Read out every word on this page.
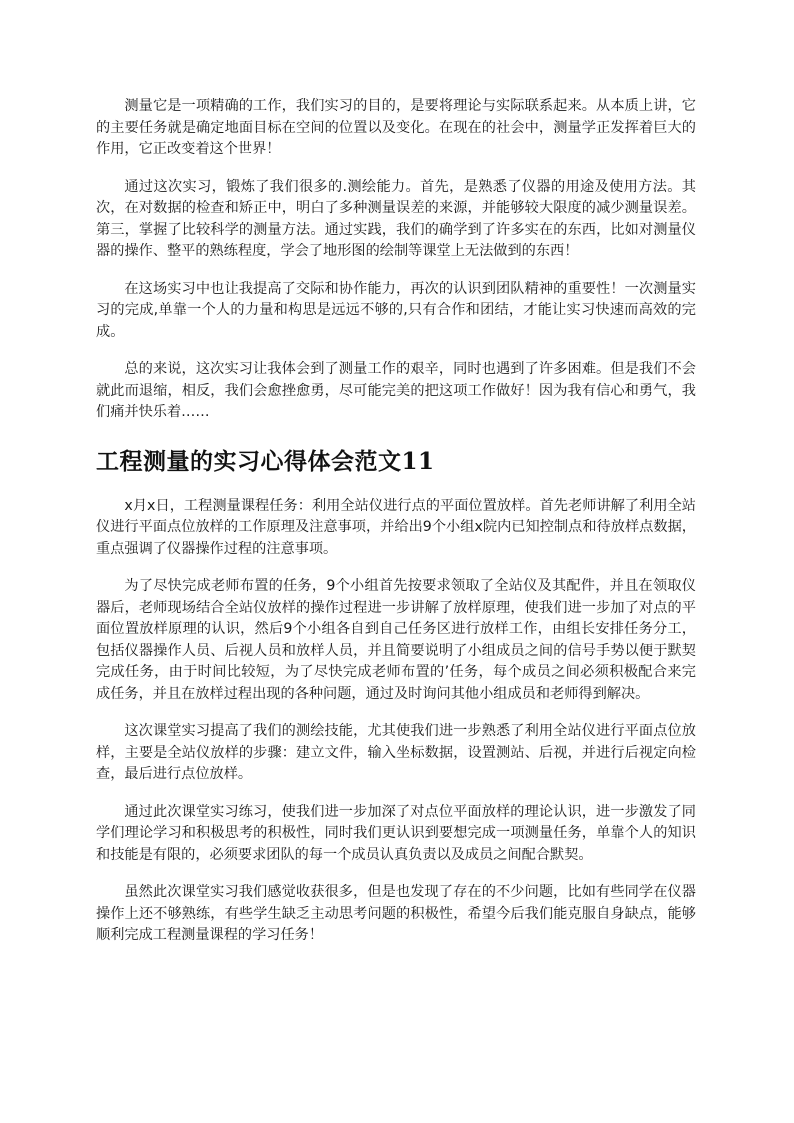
测量它是一项精确的工作，我们实习的目的，是要将理论与实际联系起来。从本质上讲，它的主要任务就是确定地面目标在空间的位置以及变化。在现在的社会中，测量学正发挥着巨大的作用，它正改变着这个世界！

通过这次实习，锻炼了我们很多的.测绘能力。首先，是熟悉了仪器的用途及使用方法。其次，在对数据的检查和矫正中，明白了多种测量误差的来源，并能够较大限度的减少测量误差。第三，掌握了比较科学的测量方法。通过实践，我们的确学到了许多实在的东西，比如对测量仪器的操作、整平的熟练程度，学会了地形图的绘制等课堂上无法做到的东西！

在这场实习中也让我提高了交际和协作能力，再次的认识到团队精神的重要性！一次测量实习的完成,单靠一个人的力量和构思是远远不够的,只有合作和团结，才能让实习快速而高效的完成。

总的来说，这次实习让我体会到了测量工作的艰辛，同时也遇到了许多困难。但是我们不会就此而退缩，相反，我们会愈挫愈勇，尽可能完美的把这项工作做好！因为我有信心和勇气，我们痛并快乐着……

工程测量的实习心得体会范文11

x月x日，工程测量课程任务：利用全站仪进行点的平面位置放样。首先老师讲解了利用全站仪进行平面点位放样的工作原理及注意事项，并给出9个小组x院内已知控制点和待放样点数据，重点强调了仪器操作过程的注意事项。

为了尽快完成老师布置的任务，9个小组首先按要求领取了全站仪及其配件，并且在领取仪器后，老师现场结合全站仪放样的操作过程进一步讲解了放样原理，使我们进一步加了对点的平面位置放样原理的认识，然后9个小组各自到自己任务区进行放样工作，由组长安排任务分工，包括仪器操作人员、后视人员和放样人员，并且简要说明了小组成员之间的信号手势以便于默契完成任务，由于时间比较短，为了尽快完成老师布置的’任务，每个成员之间必须积极配合来完成任务，并且在放样过程出现的各种问题，通过及时询问其他小组成员和老师得到解决。

这次课堂实习提高了我们的测绘技能，尤其使我们进一步熟悉了利用全站仪进行平面点位放样，主要是全站仪放样的步骤：建立文件，输入坐标数据，设置测站、后视，并进行后视定向检查，最后进行点位放样。

通过此次课堂实习练习，使我们进一步加深了对点位平面放样的理论认识，进一步激发了同学们理论学习和积极思考的积极性，同时我们更认识到要想完成一项测量任务，单靠个人的知识和技能是有限的，必须要求团队的每一个成员认真负责以及成员之间配合默契。

虽然此次课堂实习我们感觉收获很多，但是也发现了存在的不少问题，比如有些同学在仪器操作上还不够熟练，有些学生缺乏主动思考问题的积极性，希望今后我们能克服自身缺点，能够顺利完成工程测量课程的学习任务！
